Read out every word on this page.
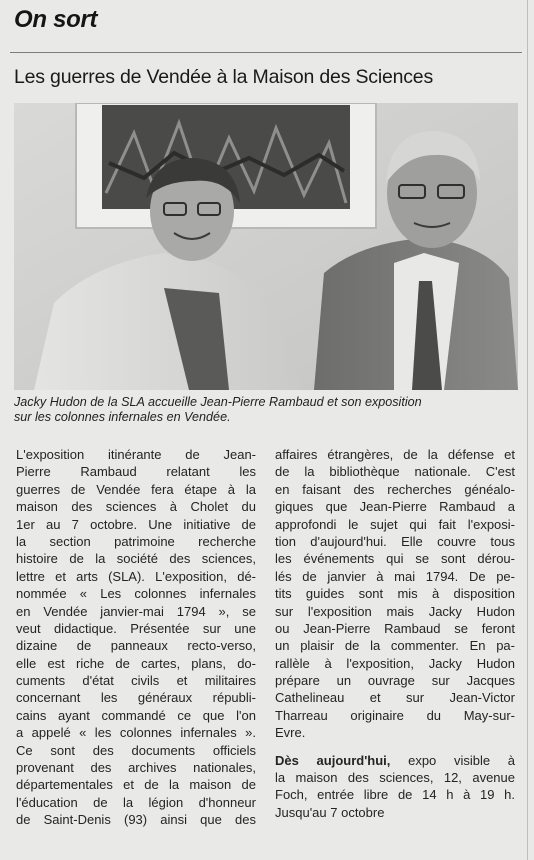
On sort
Les guerres de Vendée à la Maison des Sciences
Jacky Hudon de la SLA accueille Jean-Pierre Rambaud et son exposition
sur les colonnes infernales en Vendée.
L'exposition itinérante de Jean-
Pierre Rambaud relatant les
guerres de Vendée fera étape à la
maison des sciences à Cholet du
1er au 7 octobre. Une initiative de
la section patrimoine recherche
histoire de la société des sciences,
lettre et arts (SLA). L'exposition, dé-
nommée « Les colonnes infernales
en Vendée janvier-mai 1794 », se
veut didactique. Présentée sur une
dizaine de panneaux recto-verso,
elle est riche de cartes, plans, do-
cuments d'état civils et militaires
concernant les généraux républi-
cains ayant commandé ce que l'on
a appelé « les colonnes infernales ».
Ce sont des documents officiels
provenant des archives nationales,
départementales et de la maison de
l'éducation de la légion d'honneur
de Saint-Denis (93) ainsi que des
affaires étrangères, de la défense et
de la bibliothèque nationale. C'est
en faisant des recherches généalo-
giques que Jean-Pierre Rambaud a
approfondi le sujet qui fait l'exposi-
tion d'aujourd'hui. Elle couvre tous
les événements qui se sont dérou-
lés de janvier à mai 1794. De pe-
tits guides sont mis à disposition
sur l'exposition mais Jacky Hudon
ou Jean-Pierre Rambaud se feront
un plaisir de la commenter. En pa-
rallèle à l'exposition, Jacky Hudon
prépare un ouvrage sur Jacques
Cathelineau et sur Jean-Victor
Tharreau originaire du May-sur-
Evre.
Dès aujourd'hui, expo visible à
la maison des sciences, 12, avenue
Foch, entrée libre de 14 h à 19 h.
Jusqu'au 7 octobre
